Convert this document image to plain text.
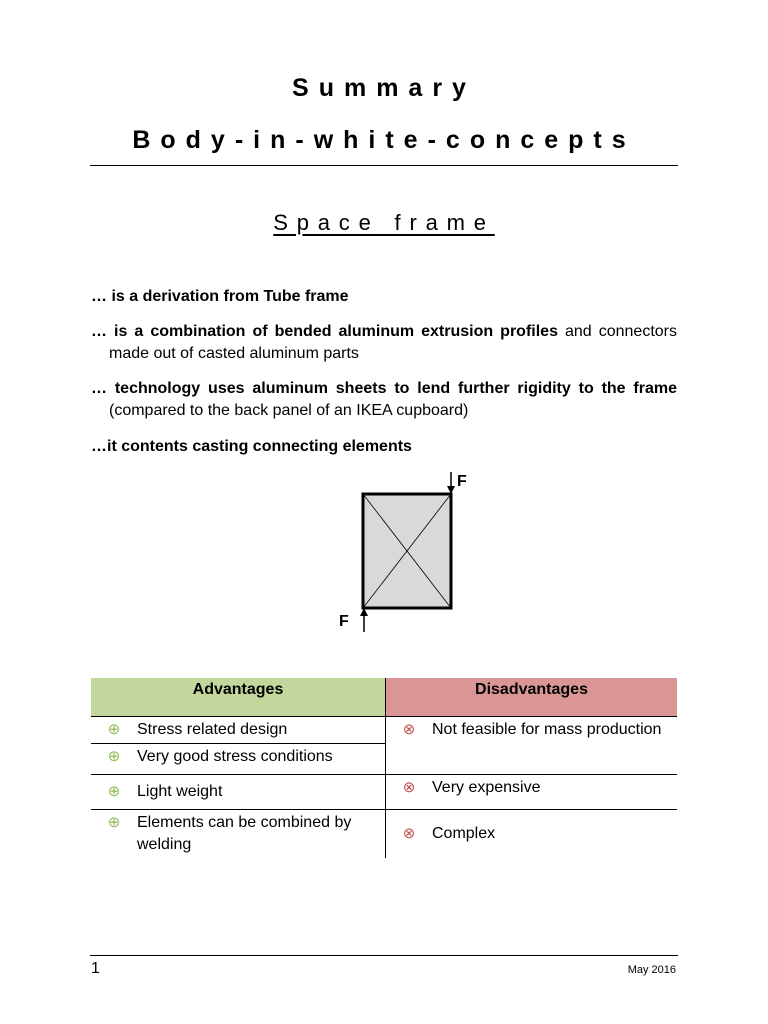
Summary
Body-in-white-concepts
Space frame
… is a derivation from Tube frame
… is a combination of bended aluminum extrusion profiles and connectors
made out of casted aluminum parts
… technology uses aluminum sheets to lend further rigidity to the frame
(compared to the back panel of an IKEA cupboard)
…it contents casting connecting elements
F
F
Advantages	Disadvantages

⊕ Stress related design	⊗ Not feasible for mass production

⊕ Very good stress conditions	

⊕ Light weight	⊗ Very expensive

⊕ Elements can be combined by welding	⊗ Complex
1	May 2016
